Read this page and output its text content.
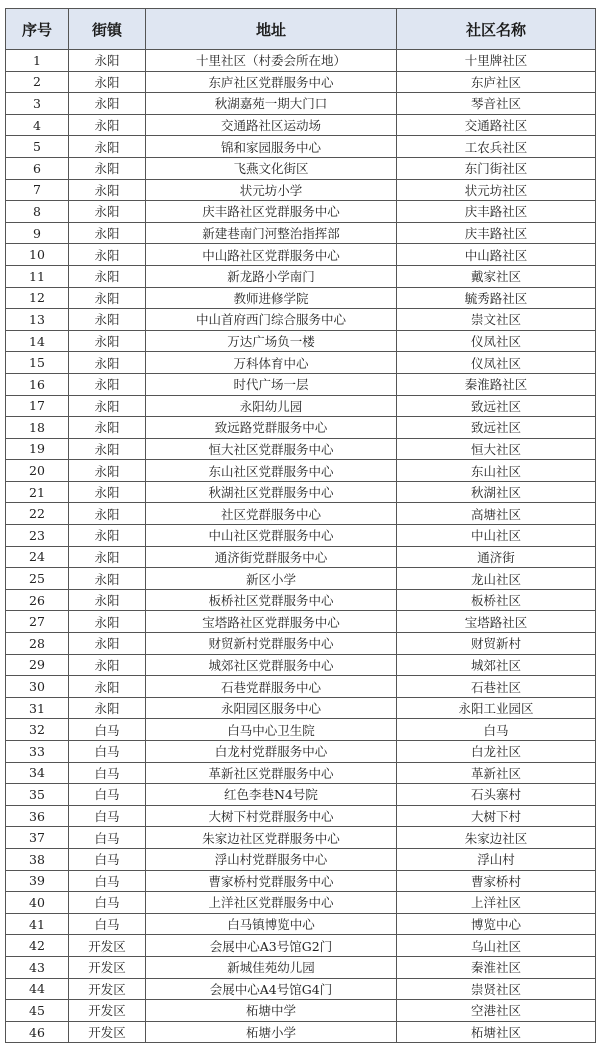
序号	街镇	地址	社区名称
1	永阳	十里社区（村委会所在地）	十里牌社区
2	永阳	东庐社区党群服务中心	东庐社区
3	永阳	秋湖嘉苑一期大门口	琴音社区
4	永阳	交通路社区运动场	交通路社区
5	永阳	锦和家园服务中心	工农兵社区
6	永阳	飞燕文化街区	东门街社区
7	永阳	状元坊小学	状元坊社区
8	永阳	庆丰路社区党群服务中心	庆丰路社区
9	永阳	新建巷南门河整治指挥部	庆丰路社区
10	永阳	中山路社区党群服务中心	中山路社区
11	永阳	新龙路小学南门	戴家社区
12	永阳	教师进修学院	毓秀路社区
13	永阳	中山首府西门综合服务中心	崇文社区
14	永阳	万达广场负一楼	仪凤社区
15	永阳	万科体育中心	仪凤社区
16	永阳	时代广场一层	秦淮路社区
17	永阳	永阳幼儿园	致远社区
18	永阳	致远路党群服务中心	致远社区
19	永阳	恒大社区党群服务中心	恒大社区
20	永阳	东山社区党群服务中心	东山社区
21	永阳	秋湖社区党群服务中心	秋湖社区
22	永阳	社区党群服务中心	高塘社区
23	永阳	中山社区党群服务中心	中山社区
24	永阳	通济街党群服务中心	通济街
25	永阳	新区小学	龙山社区
26	永阳	板桥社区党群服务中心	板桥社区
27	永阳	宝塔路社区党群服务中心	宝塔路社区
28	永阳	财贸新村党群服务中心	财贸新村
29	永阳	城郊社区党群服务中心	城郊社区
30	永阳	石巷党群服务中心	石巷社区
31	永阳	永阳园区服务中心	永阳工业园区
32	白马	白马中心卫生院	白马
33	白马	白龙村党群服务中心	白龙社区
34	白马	革新社区党群服务中心	革新社区
35	白马	红色李巷N4号院	石头寨村
36	白马	大树下村党群服务中心	大树下村
37	白马	朱家边社区党群服务中心	朱家边社区
38	白马	浮山村党群服务中心	浮山村
39	白马	曹家桥村党群服务中心	曹家桥村
40	白马	上洋社区党群服务中心	上洋社区
41	白马	白马镇博览中心	博览中心
42	开发区	会展中心A3号馆G2门	乌山社区
43	开发区	新城佳苑幼儿园	秦淮社区
44	开发区	会展中心A4号馆G4门	崇贤社区
45	开发区	柘塘中学	空港社区
46	开发区	柘塘小学	柘塘社区
